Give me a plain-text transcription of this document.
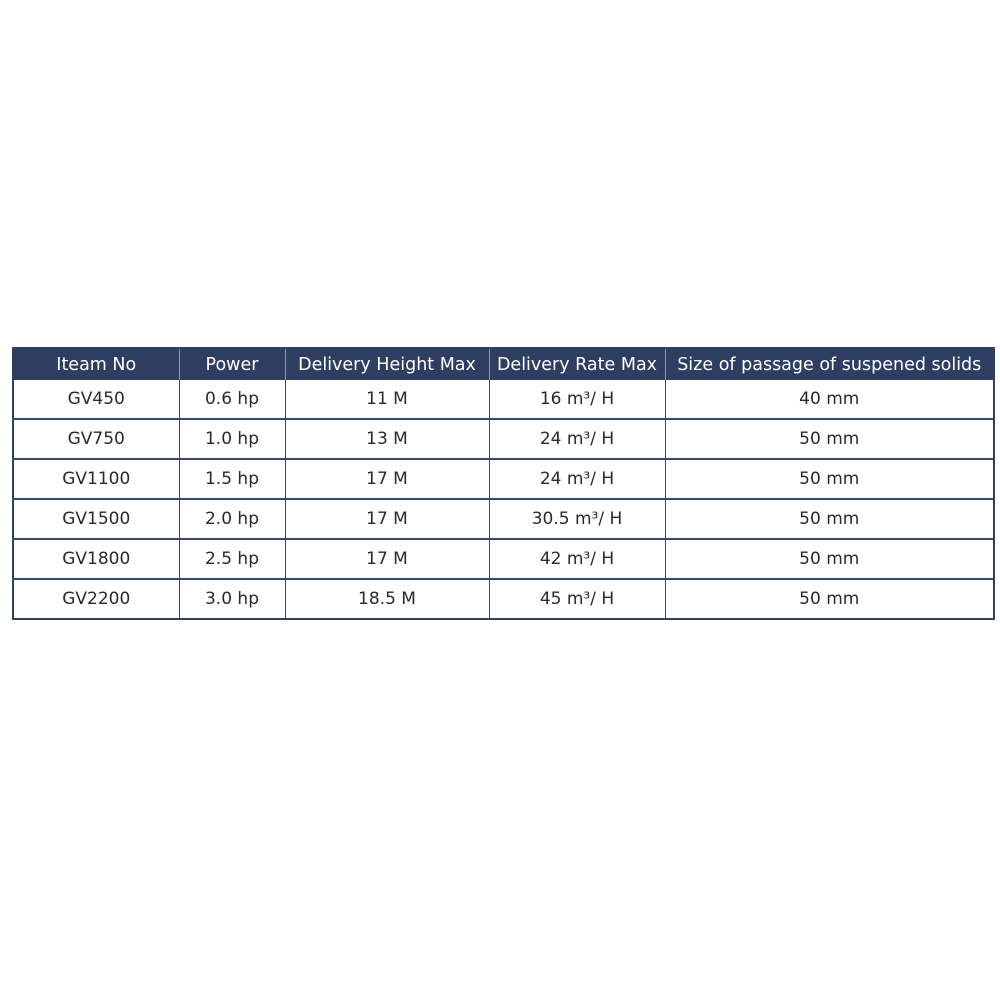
Iteam No	Power	Delivery Height Max	Delivery Rate Max	Size of passage of suspened solids
GV450	0.6 hp	11 M	16 m³/ H	40 mm
GV750	1.0 hp	13 M	24 m³/ H	50 mm
GV1100	1.5 hp	17 M	24 m³/ H	50 mm
GV1500	2.0 hp	17 M	30.5 m³/ H	50 mm
GV1800	2.5 hp	17 M	42 m³/ H	50 mm
GV2200	3.0 hp	18.5 M	45 m³/ H	50 mm
